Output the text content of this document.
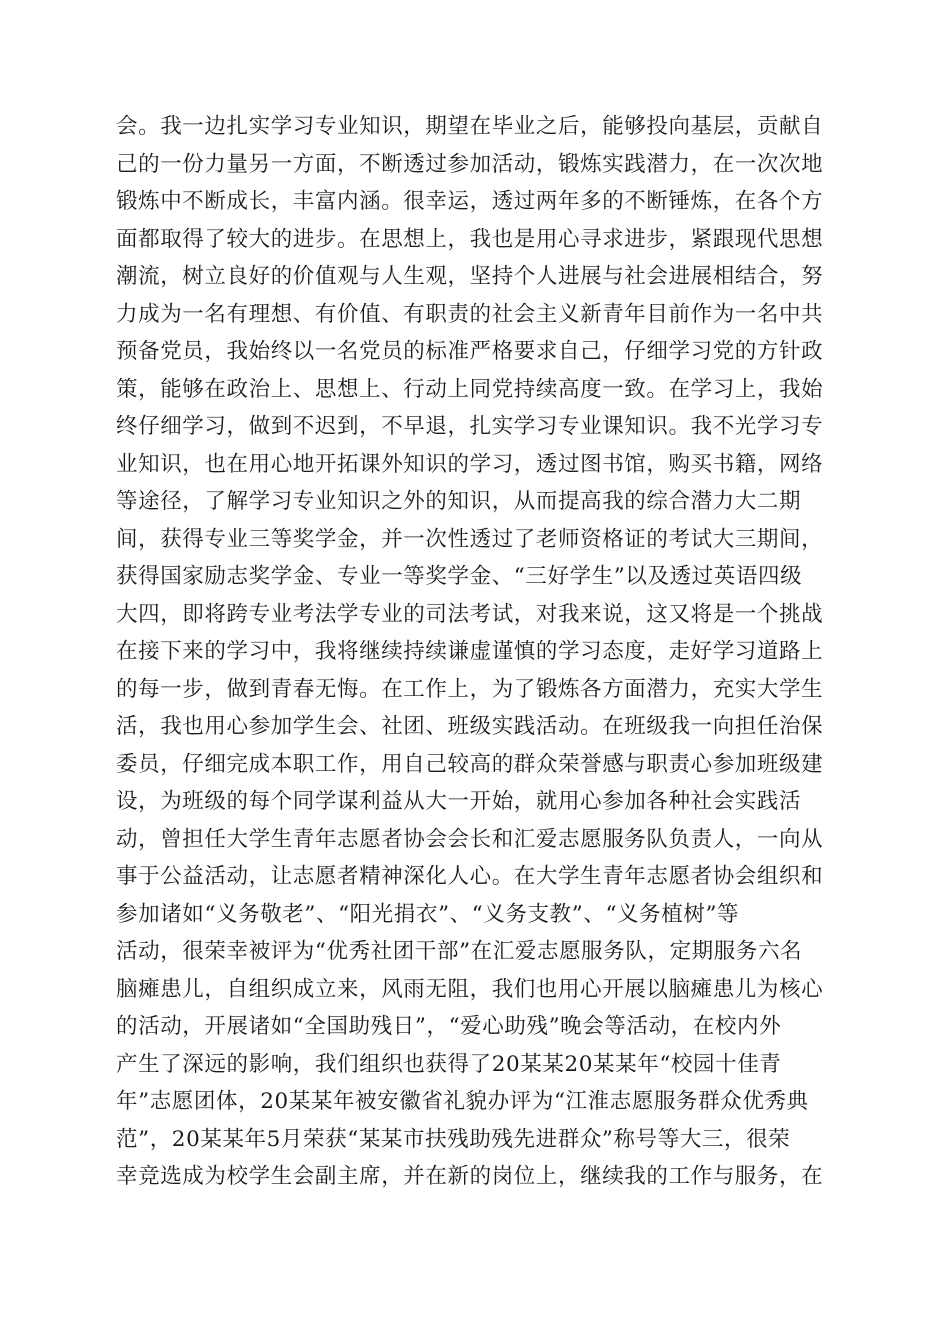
会。我一边扎实学习专业知识，期望在毕业之后，能够投向基层，贡献自
己的一份力量另一方面，不断透过参加活动，锻炼实践潜力，在一次次地
锻炼中不断成长，丰富内涵。很幸运，透过两年多的不断锤炼，在各个方
面都取得了较大的进步。在思想上，我也是用心寻求进步，紧跟现代思想
潮流，树立良好的价值观与人生观，坚持个人进展与社会进展相结合，努
力成为一名有理想、有价值、有职责的社会主义新青年目前作为一名中共
预备党员，我始终以一名党员的标准严格要求自己，仔细学习党的方针政
策，能够在政治上、思想上、行动上同党持续高度一致。在学习上，我始
终仔细学习，做到不迟到，不早退，扎实学习专业课知识。我不光学习专
业知识，也在用心地开拓课外知识的学习，透过图书馆，购买书籍，网络
等途径，了解学习专业知识之外的知识，从而提高我的综合潜力大二期
间，获得专业三等奖学金，并一次性透过了老师资格证的考试大三期间，
获得国家励志奖学金、专业一等奖学金、“三好学生”以及透过英语四级
大四，即将跨专业考法学专业的司法考试，对我来说，这又将是一个挑战
在接下来的学习中，我将继续持续谦虚谨慎的学习态度，走好学习道路上
的每一步，做到青春无悔。在工作上，为了锻炼各方面潜力，充实大学生
活，我也用心参加学生会、社团、班级实践活动。在班级我一向担任治保
委员，仔细完成本职工作，用自己较高的群众荣誉感与职责心参加班级建
设，为班级的每个同学谋利益从大一开始，就用心参加各种社会实践活
动，曾担任大学生青年志愿者协会会长和汇爱志愿服务队负责人，一向从
事于公益活动，让志愿者精神深化人心。在大学生青年志愿者协会组织和
参加诸如“义务敬老”、“阳光捐衣”、“义务支教”、“义务植树”等
活动，很荣幸被评为“优秀社团干部”在汇爱志愿服务队，定期服务六名
脑瘫患儿，自组织成立来，风雨无阻，我们也用心开展以脑瘫患儿为核心
的活动，开展诸如“全国助残日”，“爱心助残”晚会等活动，在校内外
产生了深远的影响，我们组织也获得了20某某20某某年“校园十佳青
年”志愿团体，20某某年被安徽省礼貌办评为“江淮志愿服务群众优秀典
范”，20某某年5月荣获“某某市扶残助残先进群众”称号等大三，很荣
幸竞选成为校学生会副主席，并在新的岗位上，继续我的工作与服务，在
